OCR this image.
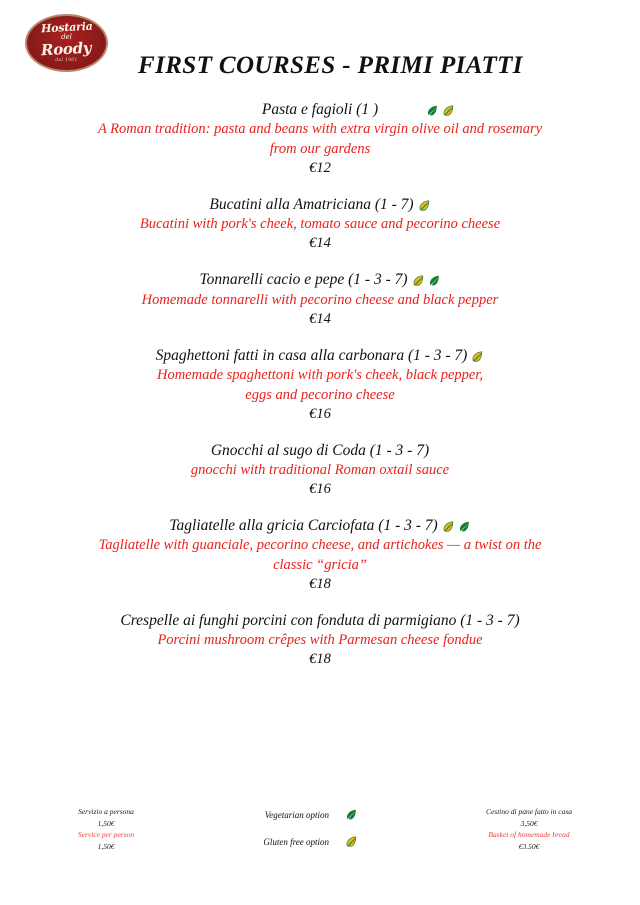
Hostaria
del
Roody
dal 1961 FIRST COURSES - PRIMI PIATTI
Pasta e fagioli (1 )
A Roman tradition: pasta and beans with extra virgin olive oil and rosemary
from our gardens
€12
Bucatini alla Amatriciana (1 - 7)
Bucatini with pork's cheek, tomato sauce and pecorino cheese
€14
Tonnarelli cacio e pepe (1 - 3 - 7)
Homemade tonnarelli with pecorino cheese and black pepper
€14
Spaghettoni fatti in casa alla carbonara (1 - 3 - 7)
Homemade spaghettoni with pork's cheek, black pepper,
eggs and pecorino cheese
€16
Gnocchi al sugo di Coda (1 - 3 - 7)
gnocchi with traditional Roman oxtail sauce
€16
Tagliatelle alla gricia Carciofata (1 - 3 - 7)
Tagliatelle with guanciale, pecorino cheese, and artichokes — a twist on the
classic “gricia”
€18
Crespelle ai funghi porcini con fonduta di parmigiano (1 - 3 - 7)
Porcini mushroom crêpes with Parmesan cheese fondue
€18
Servizio a persona
1,50€
Service per person
1,50€
Vegetarian option
Gluten free option
Cestino di pane fatto in casa
3,50€
Basket of homemade bread
€3.50€
